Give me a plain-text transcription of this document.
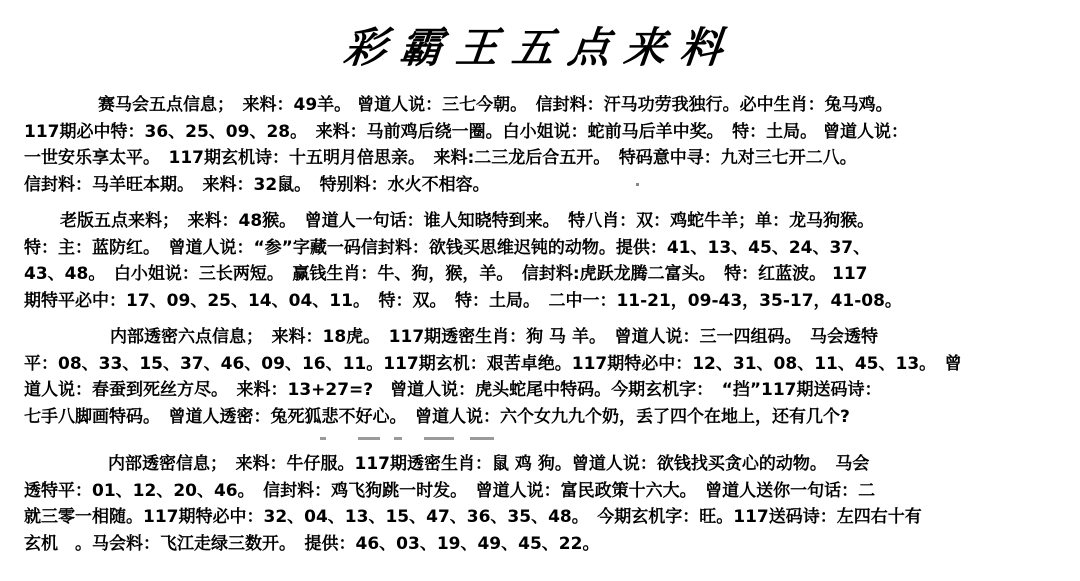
彩霸王五点来料
赛马会五点信息；　来料：49羊。 曾道人说：三七今朝。　信封料：汗马功劳我独行。必中生肖：兔马鸡。
117期必中特：36、25、09、28。　来料：马前鸡后绕一圈。白小姐说：蛇前马后羊中奖。　特：土局。 曾道人说：
一世安乐享太平。　117期玄机诗：十五明月倍思亲。　来料:二三龙后合五开。　特码意中寻：九对三七开二八。
信封料：马羊旺本期。　来料：32鼠。　特别料：水火不相容。
老版五点来料；　来料：48猴。　曾道人一句话：谁人知晓特到来。　特八肖：双：鸡蛇牛羊；单：龙马狗猴。
特：主：蓝防红。　曾道人说：“参”字藏一码信封料：欲钱买思维迟钝的动物。提供：41、13、45、24、37、
43、48。　白小姐说：三长两短。　赢钱生肖：牛、狗，猴，羊。　信封料:虎跃龙腾二富头。　特：红蓝波。 117
期特平必中：17、09、25、14、04、11。　特：双。　特：土局。　二中一：11-21，09-43，35-17，41-08。
内部透密六点信息；　来料：18虎。　117期透密生肖：狗 马 羊。　曾道人说：三一四组码。　马会透特
平：08、33、15、37、46、09、16、11。117期玄机：艰苦卓绝。117期特必中：12、31、08、11、45、13。　曾
道人说：春蚕到死丝方尽。　来料：13+27=?　曾道人说：虎头蛇尾中特码。今期玄机字：　“挡”117期送码诗：
七手八脚画特码。　曾道人透密：兔死狐悲不好心。　曾道人说：六个女九九个奶，丢了四个在地上，还有几个?
内部透密信息；　来料：牛仔服。117期透密生肖：鼠 鸡 狗。曾道人说：欲钱找买贪心的动物。　马会
透特平：01、12、20、46。　信封料：鸡飞狗跳一时发。　曾道人说：富民政策十六大。　曾道人送你一句话：二
就三零一相随。117期特必中：32、04、13、15、47、36、35、48。　今期玄机字：旺。117送码诗：左四右十有
玄机　。马会料：飞江走绿三数开。　提供：46、03、19、49、45、22。
